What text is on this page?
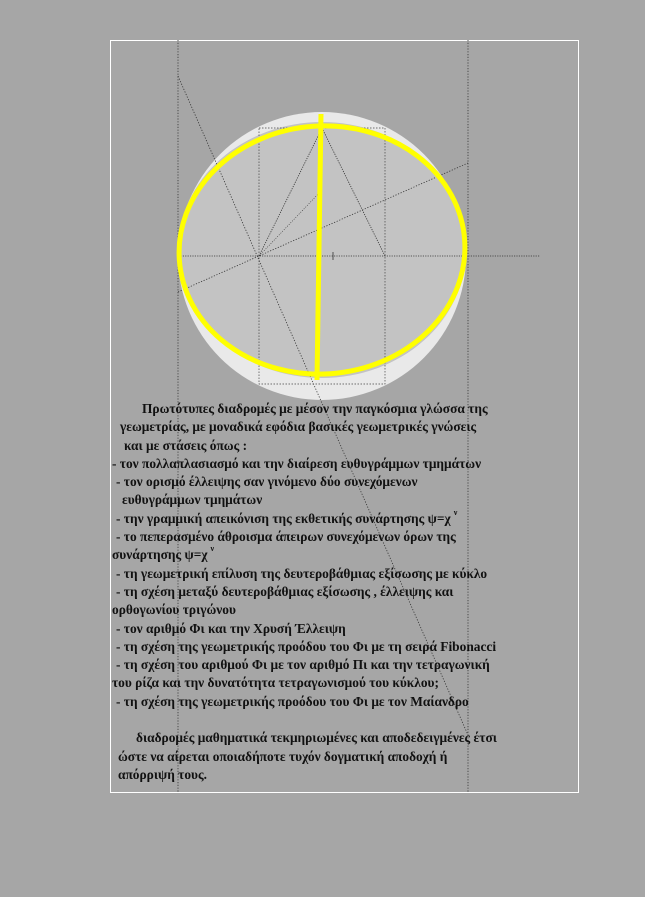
Πρωτότυπες διαδρομές με μέσον την παγκόσμια γλώσσα της
γεωμετρίας, με μοναδικά εφόδια βασικές γεωμετρικές γνώσεις
και με στάσεις όπως :
- τον πολλαπλασιασμό και την διαίρεση ευθυγράμμων τμημάτων
- τον ορισμό έλλειψης σαν γινόμενο δύο συνεχόμενων
ευθυγράμμων τμημάτων
- την γραμμική απεικόνιση της εκθετικής συνάρτησης ψ=χ ν
- το πεπερασμένο άθροισμα άπειρων συνεχόμενων όρων της
συνάρτησης ψ=χ ν
- τη γεωμετρική επίλυση της δευτεροβάθμιας εξίσωσης με κύκλο
- τη σχέση μεταξύ δευτεροβάθμιας εξίσωσης , έλλειψης και
ορθογωνίου τριγώνου
- τον αριθμό Φι και την Χρυσή Έλλειψη
- τη σχέση της γεωμετρικής προόδου του Φι με τη σειρά Fibonacci
- τη σχέση του αριθμού Φι με τον αριθμό Πι και την τετραγωνική
του ρίζα και την δυνατότητα τετραγωνισμού του κύκλου;
- τη σχέση της γεωμετρικής προόδου του Φι με τον Μαίανδρο
διαδρομές μαθηματικά τεκμηριωμένες και αποδεδειγμένες έτσι
ώστε να αίρεται οποιαδήποτε τυχόν δογματική αποδοχή ή
απόρριψή τους.
